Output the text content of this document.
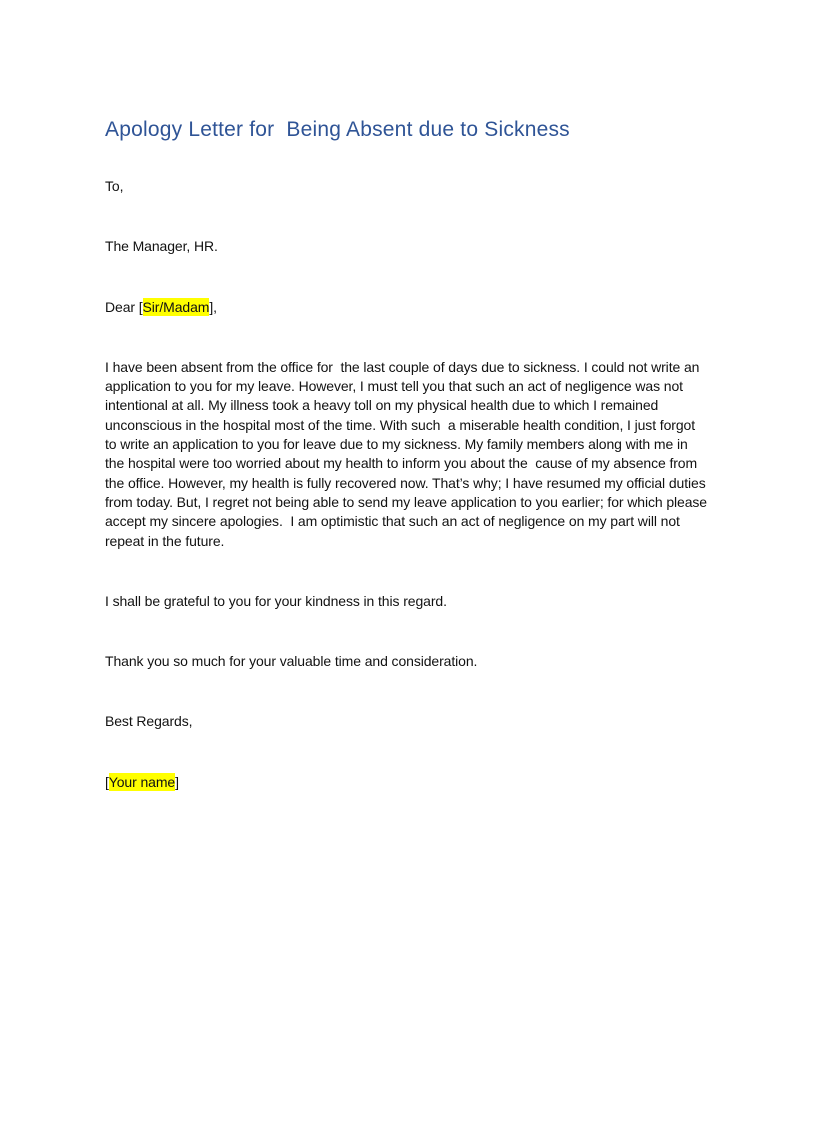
Apology Letter for  Being Absent due to Sickness

To,

The Manager, HR.

Dear [Sir/Madam],

I have been absent from the office for  the last couple of days due to sickness. I could not write an application to you for my leave. However, I must tell you that such an act of negligence was not intentional at all. My illness took a heavy toll on my physical health due to which I remained unconscious in the hospital most of the time. With such  a miserable health condition, I just forgot to write an application to you for leave due to my sickness. My family members along with me in the hospital were too worried about my health to inform you about the  cause of my absence from the office. However, my health is fully recovered now. That’s why; I have resumed my official duties from today. But, I regret not being able to send my leave application to you earlier; for which please accept my sincere apologies.  I am optimistic that such an act of negligence on my part will not repeat in the future.

I shall be grateful to you for your kindness in this regard.

Thank you so much for your valuable time and consideration.

Best Regards,

[Your name]
